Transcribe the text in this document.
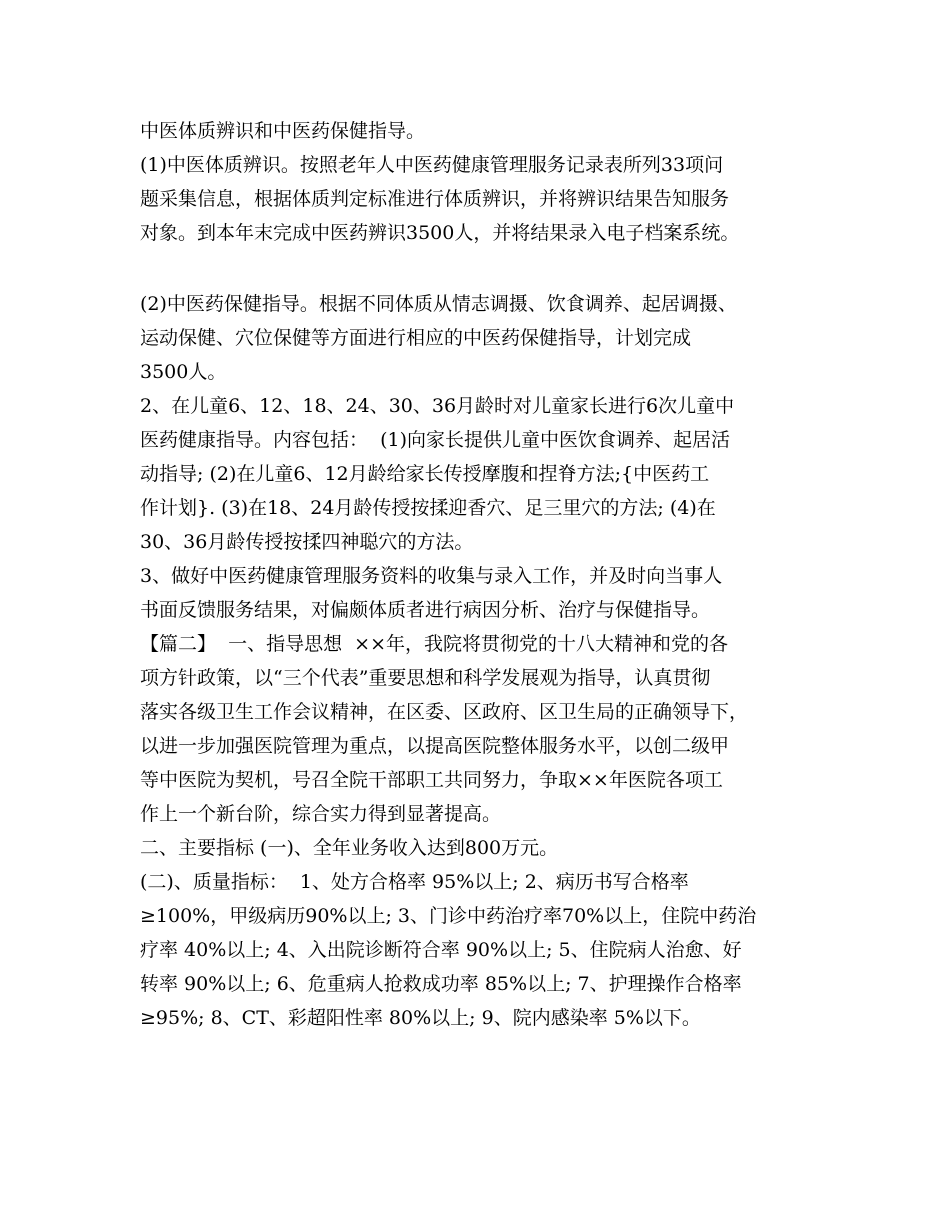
中医体质辨识和中医药保健指导。
(1)中医体质辨识。按照老年人中医药健康管理服务记录表所列33项问
题采集信息，根据体质判定标准进行体质辨识，并将辨识结果告知服务
对象。到本年末完成中医药辨识3500人，并将结果录入电子档案系统。
(2)中医药保健指导。根据不同体质从情志调摄、饮食调养、起居调摄、
运动保健、穴位保健等方面进行相应的中医药保健指导，计划完成
3500人。
2、在儿童6、12、18、24、30、36月龄时对儿童家长进行6次儿童中
医药健康指导。内容包括：  (1)向家长提供儿童中医饮食调养、起居活
动指导; (2)在儿童6、12月龄给家长传授摩腹和捏脊方法;{中医药工
作计划}. (3)在18、24月龄传授按揉迎香穴、足三里穴的方法; (4)在
30、36月龄传授按揉四神聪穴的方法。
3、做好中医药健康管理服务资料的收集与录入工作，并及时向当事人
书面反馈服务结果，对偏颇体质者进行病因分析、治疗与保健指导。
【篇二】  一、指导思想  ××年，我院将贯彻党的十八大精神和党的各
项方针政策，以“三个代表”重要思想和科学发展观为指导，认真贯彻
落实各级卫生工作会议精神，在区委、区政府、区卫生局的正确领导下，
以进一步加强医院管理为重点，以提高医院整体服务水平，以创二级甲
等中医院为契机，号召全院干部职工共同努力，争取××年医院各项工
作上一个新台阶，综合实力得到显著提高。
二、主要指标 (一)、全年业务收入达到800万元。
(二)、质量指标：  1、处方合格率 95%以上; 2、病历书写合格率
≥100%，甲级病历90%以上; 3、门诊中药治疗率70%以上，住院中药治
疗率 40%以上; 4、入出院诊断符合率 90%以上; 5、住院病人治愈、好
转率 90%以上; 6、危重病人抢救成功率 85%以上; 7、护理操作合格率
≥95%; 8、CT、彩超阳性率 80%以上; 9、院内感染率 5%以下。
